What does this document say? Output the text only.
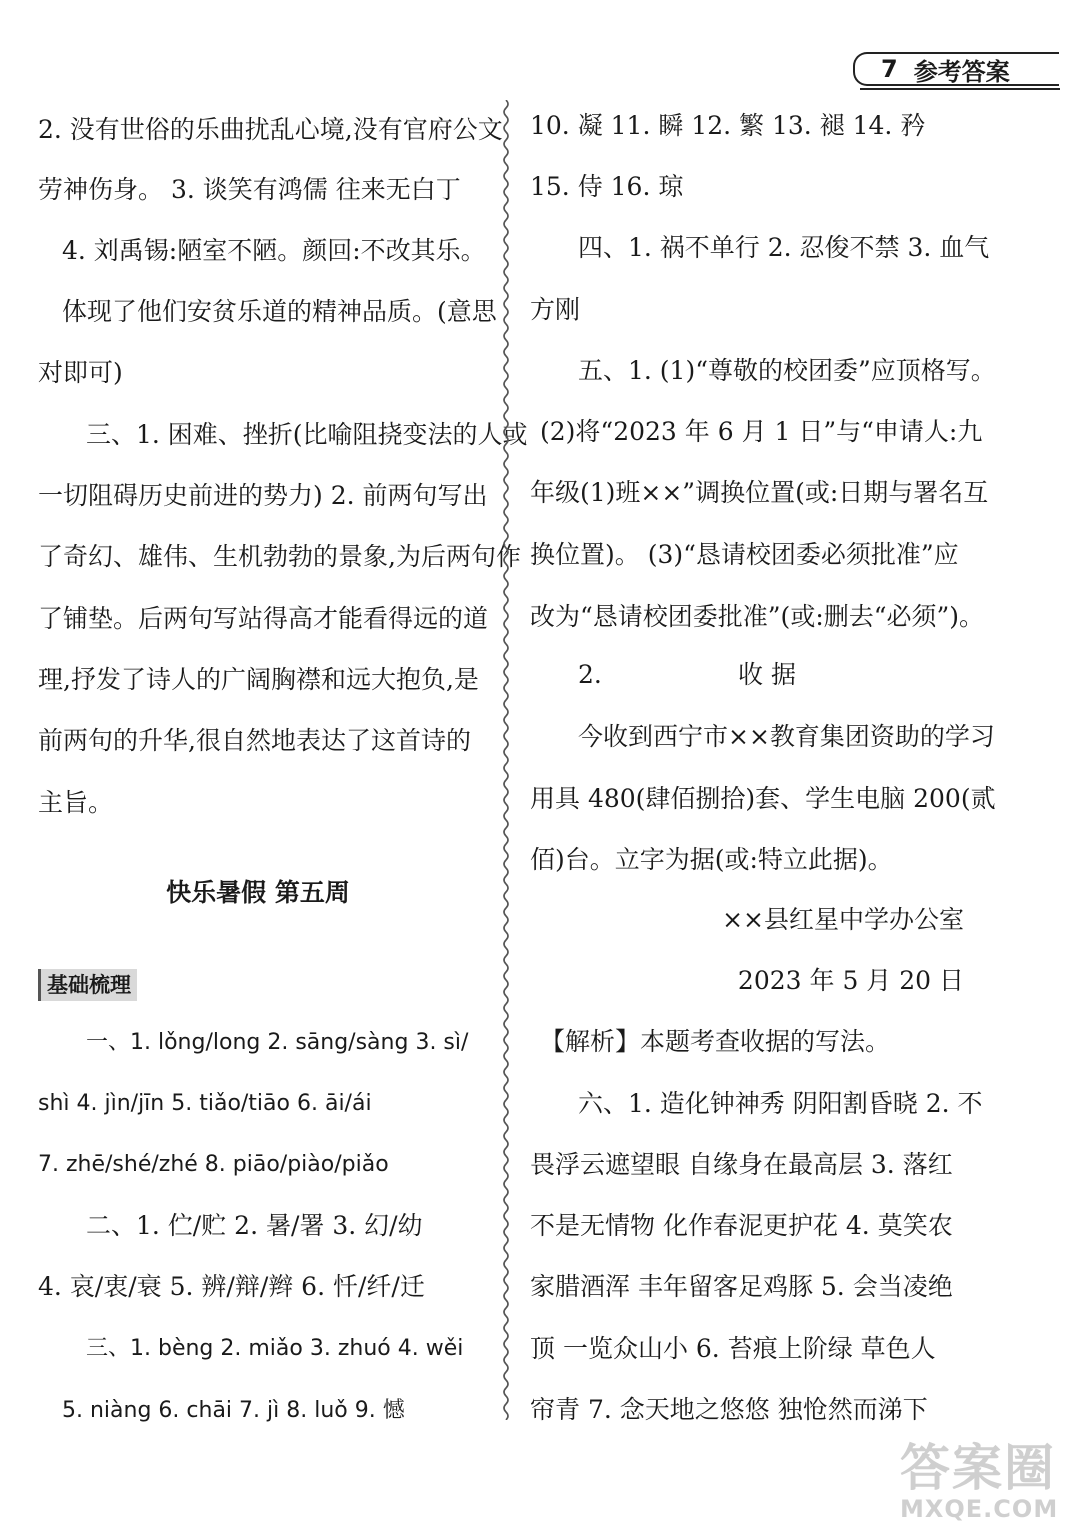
7 参考答案
2. 没有世俗的乐曲扰乱心境,没有官府公文
劳神伤身。 3. 谈笑有鸿儒 往来无白丁
4. 刘禹锡:陋室不陋。颜回:不改其乐。
体现了他们安贫乐道的精神品质。(意思
对即可)
三、1. 困难、挫折(比喻阻挠变法的人或
一切阻碍历史前进的势力) 2. 前两句写出
了奇幻、雄伟、生机勃勃的景象,为后两句作
了铺垫。后两句写站得高才能看得远的道
理,抒发了诗人的广阔胸襟和远大抱负,是
前两句的升华,很自然地表达了这首诗的
主旨。
快乐暑假 第五周
基础梳理
一、1. lǒng/long 2. sāng/sàng 3. sì/
shì 4. jìn/jīn 5. tiǎo/tiāo 6. āi/ái
7. zhē/shé/zhé 8. piāo/piào/piǎo
二、1. 伫/贮 2. 暑/署 3. 幻/幼
4. 哀/衷/衰 5. 辨/辩/辫 6. 忏/纤/迁
三、1. bèng 2. miǎo 3. zhuó 4. wěi
5. niàng 6. chāi 7. jì 8. luǒ 9. 憾
10. 凝 11. 瞬 12. 繁 13. 褪 14. 矜
15. 侍 16. 琼
四、1. 祸不单行 2. 忍俊不禁 3. 血气
方刚
五、1. (1)“尊敬的校团委”应顶格写。
(2)将“2023 年 6 月 1 日”与“申请人:九
年级(1)班××”调换位置(或:日期与署名互
换位置)。 (3)“恳请校团委必须批准”应
改为“恳请校团委批准”(或:删去“必须”)。
2.	收 据
今收到西宁市××教育集团资助的学习
用具 480(肆佰捌拾)套、学生电脑 200(贰
佰)台。立字为据(或:特立此据)。
××县红星中学办公室
2023 年 5 月 20 日
【解析】本题考查收据的写法。
六、1. 造化钟神秀 阴阳割昏晓 2. 不
畏浮云遮望眼 自缘身在最高层 3. 落红
不是无情物 化作春泥更护花 4. 莫笑农
家腊酒浑 丰年留客足鸡豚 5. 会当凌绝
顶 一览众山小 6. 苔痕上阶绿 草色人
帘青 7. 念天地之悠悠 独怆然而涕下
答案圈
MXQE.COM
